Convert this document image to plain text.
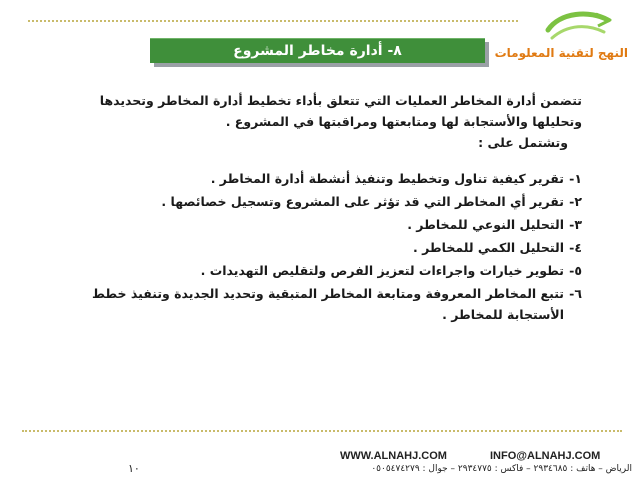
النهج لتقنية المعلومات
٨- أدارة مخاطر المشروع
تتضمن أدارة المخاطر العمليات التي تتعلق بأداء تخطيط أدارة المخاطر وتحديدها
وتحليلها والأستجابة لها ومتابعتها ومراقبتها في المشروع .
وتشتمل على :
١-تقرير كيفية تناول وتخطيط وتنفيذ أنشطة أدارة المخاطر .
٢-تقرير أي المخاطر التي قد تؤثر على المشروع وتسجيل خصائصها .
٣-التحليل النوعي للمخاطر .
٤-التحليل الكمي للمخاطر .
٥-تطوير خيارات واجراءات لتعزيز الفرص ولتقليص التهديدات .
٦-تتبع المخاطر المعروفة ومتابعة المخاطر المتبقية وتحديد الجديدة وتنفيذ خطط
الأستجابة للمخاطر .
WWW.ALNAHJ.COM	INFO@ALNAHJ.COM
الرياض – هاتف : ٢٩٣٤٦٨٥ – فاكس : ٢٩٣٤٧٧٥ – جوال : ٠٥٠٥٤٧٤٢٧٩
١٠
